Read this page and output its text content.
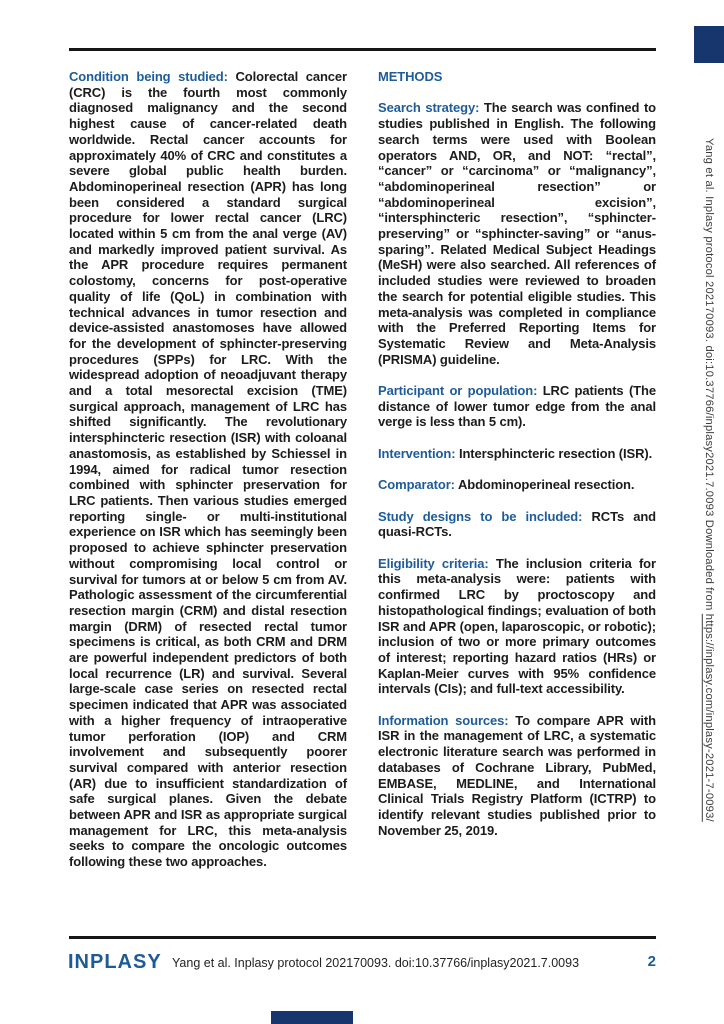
Condition being studied: Colorectal cancer (CRC) is the fourth most commonly diagnosed malignancy and the second highest cause of cancer-related death worldwide. Rectal cancer accounts for approximately 40% of CRC and constitutes a severe global public health burden. Abdominoperineal resection (APR) has long been considered a standard surgical procedure for lower rectal cancer (LRC) located within 5 cm from the anal verge (AV) and markedly improved patient survival. As the APR procedure requires permanent colostomy, concerns for post-operative quality of life (QoL) in combination with technical advances in tumor resection and device-assisted anastomoses have allowed for the development of sphincter-preserving procedures (SPPs) for LRC. With the widespread adoption of neoadjuvant therapy and a total mesorectal excision (TME) surgical approach, management of LRC has shifted significantly. The revolutionary intersphincteric resection (ISR) with coloanal anastomosis, as established by Schiessel in 1994, aimed for radical tumor resection combined with sphincter preservation for LRC patients. Then various studies emerged reporting single- or multi-institutional experience on ISR which has seemingly been proposed to achieve sphincter preservation without compromising local control or survival for tumors at or below 5 cm from AV. Pathologic assessment of the circumferential resection margin (CRM) and distal resection margin (DRM) of resected rectal tumor specimens is critical, as both CRM and DRM are powerful independent predictors of both local recurrence (LR) and survival. Several large-scale case series on resected rectal specimen indicated that APR was associated with a higher frequency of intraoperative tumor perforation (IOP) and CRM involvement and subsequently poorer survival compared with anterior resection (AR) due to insufficient standardization of safe surgical planes. Given the debate between APR and ISR as appropriate surgical management for LRC, this meta-analysis seeks to compare the oncologic outcomes following these two approaches.

METHODS

Search strategy: The search was confined to studies published in English. The following search terms were used with Boolean operators AND, OR, and NOT: “rectal”, “cancer” or “carcinoma” or “malignancy”, “abdominoperineal resection” or “abdominoperineal excision”, “intersphincteric resection”, “sphincter-preserving” or “sphincter-saving” or “anus-sparing”. Related Medical Subject Headings (MeSH) were also searched. All references of included studies were reviewed to broaden the search for potential eligible studies. This meta-analysis was completed in compliance with the Preferred Reporting Items for Systematic Review and Meta-Analysis (PRISMA) guideline.

Participant or population: LRC patients (The distance of lower tumor edge from the anal verge is less than 5 cm).

Intervention: Intersphincteric resection (ISR).

Comparator: Abdominoperineal resection.

Study designs to be included: RCTs and quasi-RCTs.

Eligibility criteria: The inclusion criteria for this meta-analysis were: patients with confirmed LRC by proctoscopy and histopathological findings; evaluation of both ISR and APR (open, laparoscopic, or robotic); inclusion of two or more primary outcomes of interest; reporting hazard ratios (HRs) or Kaplan-Meier curves with 95% confidence intervals (CIs); and full-text accessibility.

Information sources: To compare APR with ISR in the management of LRC, a systematic electronic literature search was performed in databases of Cochrane Library, PubMed, EMBASE, MEDLINE, and International Clinical Trials Registry Platform (ICTRP) to identify relevant studies published prior to November 25, 2019.

Yang et al. Inplasy protocol 202170093. doi:10.37766/inplasy2021.7.0093 Downloaded from https://inplasy.com/inplasy-2021-7-0093/
INPLASY Yang et al. Inplasy protocol 202170093. doi:10.37766/inplasy2021.7.0093	2
